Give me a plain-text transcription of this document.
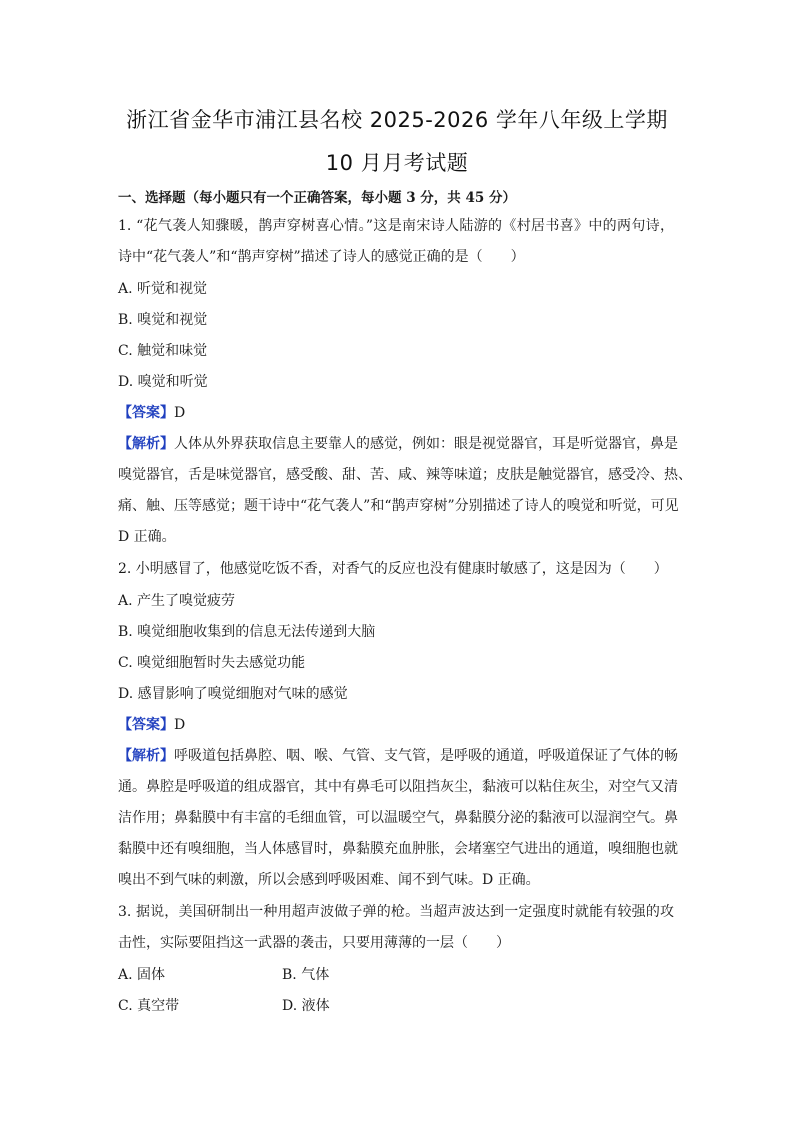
浙江省金华市浦江县名校 2025-2026 学年八年级上学期
10 月月考试题
一、选择题（每小题只有一个正确答案，每小题 3 分，共 45 分）
1. “花气袭人知骤暖，鹊声穿树喜心情。”这是南宋诗人陆游的《村居书喜》中的两句诗，
诗中“花气袭人”和“鹊声穿树”描述了诗人的感觉正确的是（　　）
A. 听觉和视觉
B. 嗅觉和视觉
C. 触觉和味觉
D. 嗅觉和听觉
【答案】D
【解析】人体从外界获取信息主要靠人的感觉，例如：眼是视觉器官，耳是听觉器官，鼻是
嗅觉器官，舌是味觉器官，感受酸、甜、苦、咸、辣等味道；皮肤是触觉器官，感受冷、热、
痛、触、压等感觉；题干诗中“花气袭人”和“鹊声穿树”分别描述了诗人的嗅觉和听觉，可见
D 正确。
2. 小明感冒了，他感觉吃饭不香，对香气的反应也没有健康时敏感了，这是因为（　　）
A. 产生了嗅觉疲劳
B. 嗅觉细胞收集到的信息无法传递到大脑
C. 嗅觉细胞暂时失去感觉功能
D. 感冒影响了嗅觉细胞对气味的感觉
【答案】D
【解析】呼吸道包括鼻腔、咽、喉、气管、支气管，是呼吸的通道，呼吸道保证了气体的畅
通。鼻腔是呼吸道的组成器官，其中有鼻毛可以阻挡灰尘，黏液可以粘住灰尘，对空气又清
洁作用；鼻黏膜中有丰富的毛细血管，可以温暖空气，鼻黏膜分泌的黏液可以湿润空气。鼻
黏膜中还有嗅细胞，当人体感冒时，鼻黏膜充血肿胀，会堵塞空气进出的通道，嗅细胞也就
嗅出不到气味的刺激，所以会感到呼吸困难、闻不到气味。D 正确。
3. 据说，美国研制出一种用超声波做子弹的枪。当超声波达到一定强度时就能有较强的攻
击性，实际要阻挡这一武器的袭击，只要用薄薄的一层（　　）
A. 固体	B. 气体
C. 真空带	D. 液体
